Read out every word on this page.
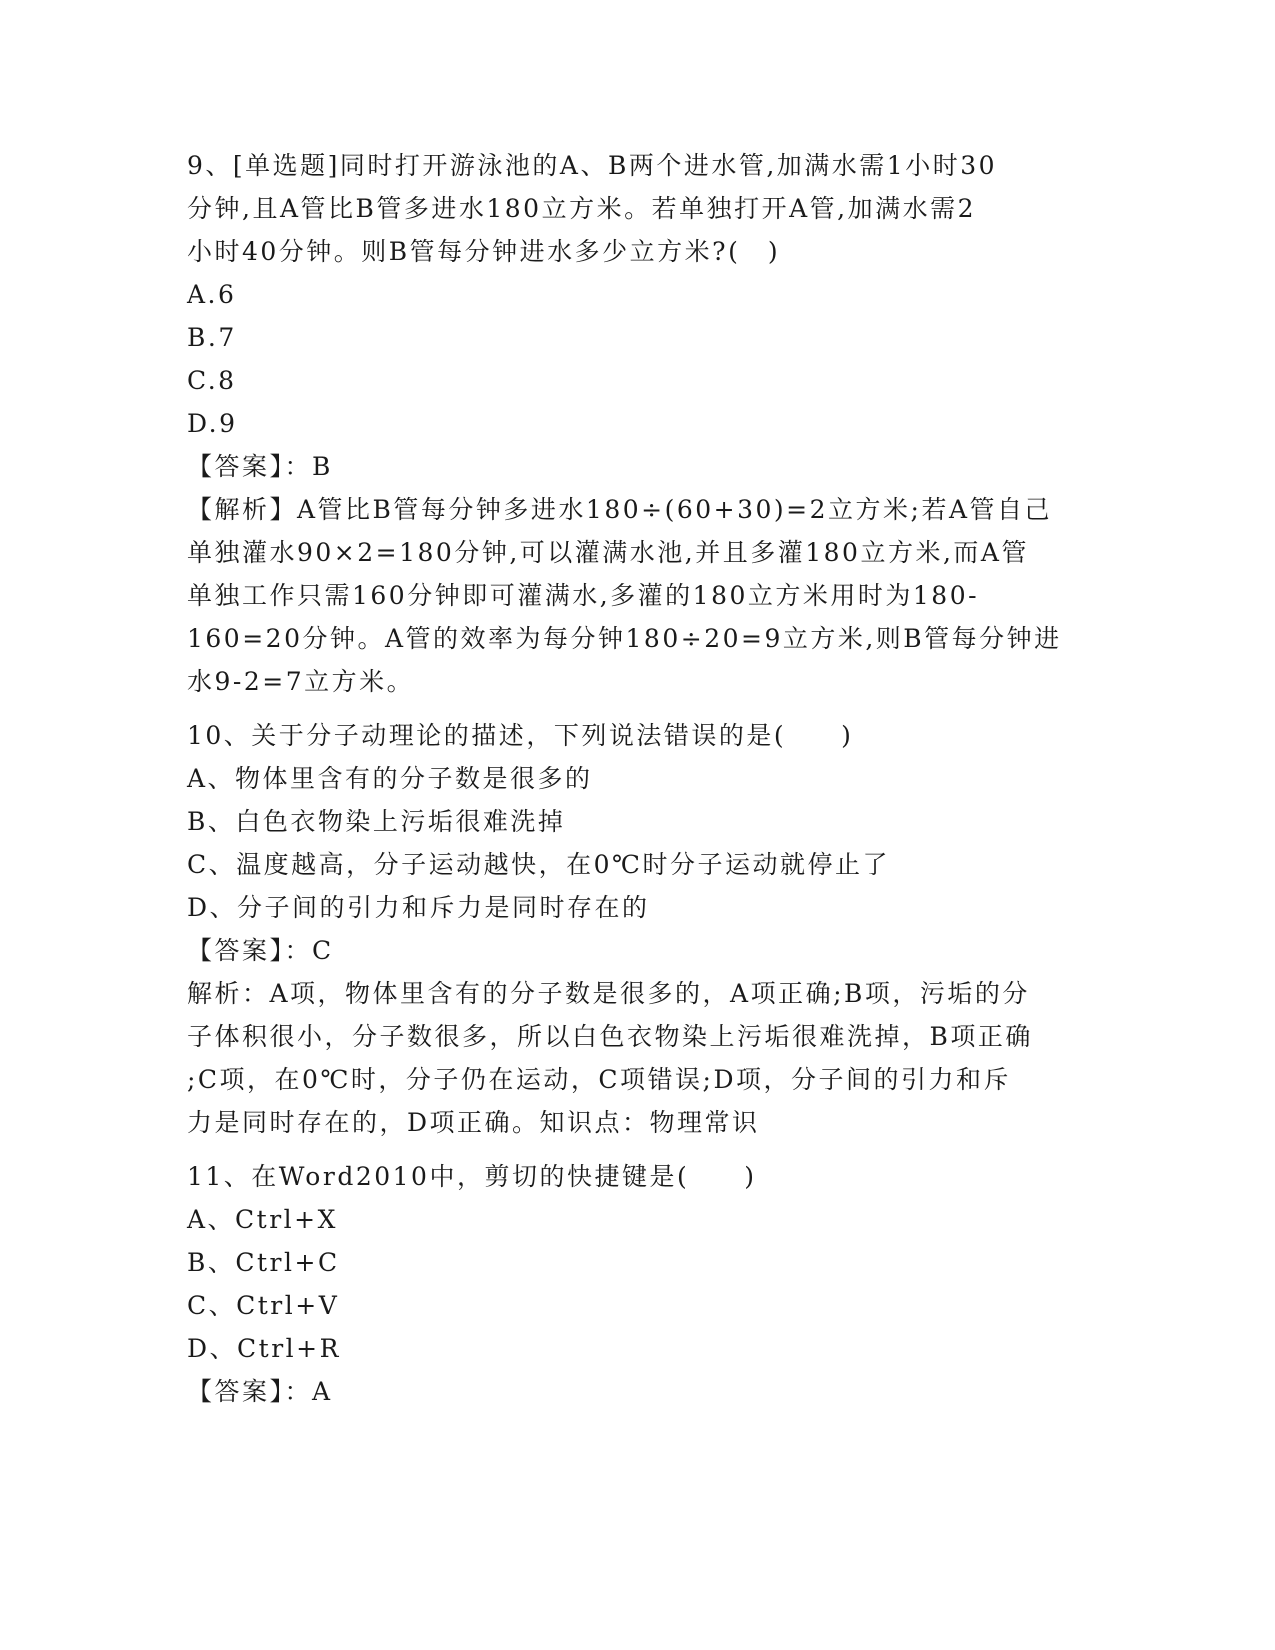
9、[单选题]同时打开游泳池的A、B两个进水管,加满水需1小时30
分钟,且A管比B管多进水180立方米。若单独打开A管,加满水需2
小时40分钟。则B管每分钟进水多少立方米?(　)
A.6
B.7
C.8
D.9
【答案】：B
【解析】A管比B管每分钟多进水180÷(60+30)=2立方米;若A管自己
单独灌水90×2=180分钟,可以灌满水池,并且多灌180立方米,而A管
单独工作只需160分钟即可灌满水,多灌的180立方米用时为180-
160=20分钟。A管的效率为每分钟180÷20=9立方米,则B管每分钟进
水9-2=7立方米。
10、关于分子动理论的描述，下列说法错误的是(　　)
A、物体里含有的分子数是很多的
B、白色衣物染上污垢很难洗掉
C、温度越高，分子运动越快，在0℃时分子运动就停止了
D、分子间的引力和斥力是同时存在的
【答案】：C
解析：A项，物体里含有的分子数是很多的，A项正确;B项，污垢的分
子体积很小，分子数很多，所以白色衣物染上污垢很难洗掉，B项正确
;C项，在0℃时，分子仍在运动，C项错误;D项，分子间的引力和斥
力是同时存在的，D项正确。知识点：物理常识
11、在Word2010中，剪切的快捷键是(　　)
A、Ctrl+X
B、Ctrl+C
C、Ctrl+V
D、Ctrl+R
【答案】：A
